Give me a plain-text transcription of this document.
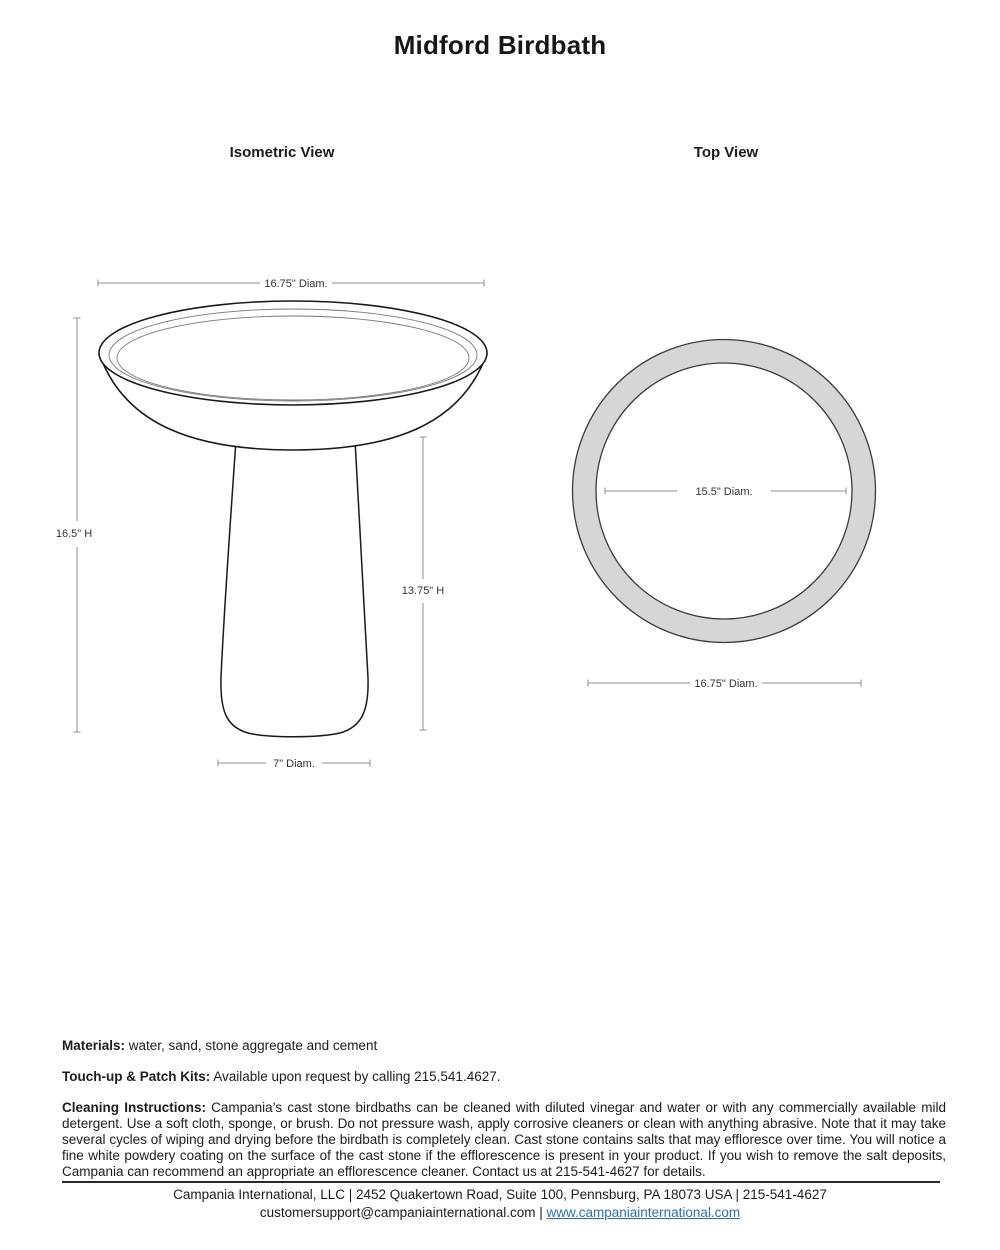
Midford Birdbath
Isometric View	Top View
16.75" Diam.
16.5" H
13.75" H
7" Diam.
15.5" Diam.
16.75" Diam.

Materials: water, sand, stone aggregate and cement

Touch-up & Patch Kits: Available upon request by calling 215.541.4627.

Cleaning Instructions: Campania’s cast stone birdbaths can be cleaned with diluted vinegar and water or with any commercially available mild detergent. Use a soft cloth, sponge, or brush. Do not pressure wash, apply corrosive cleaners or clean with anything abrasive. Note that it may take several cycles of wiping and drying before the birdbath is completely clean. Cast stone contains salts that may effloresce over time. You will notice a fine white powdery coating on the surface of the cast stone if the efflorescence is present in your product. If you wish to remove the salt deposits, Campania can recommend an appropriate an efflorescence cleaner. Contact us at 215-541-4627 for details.

Campania International, LLC | 2452 Quakertown Road, Suite 100, Pennsburg, PA 18073 USA | 215-541-4627
customersupport@campaniainternational.com | www.campaniainternational.com
